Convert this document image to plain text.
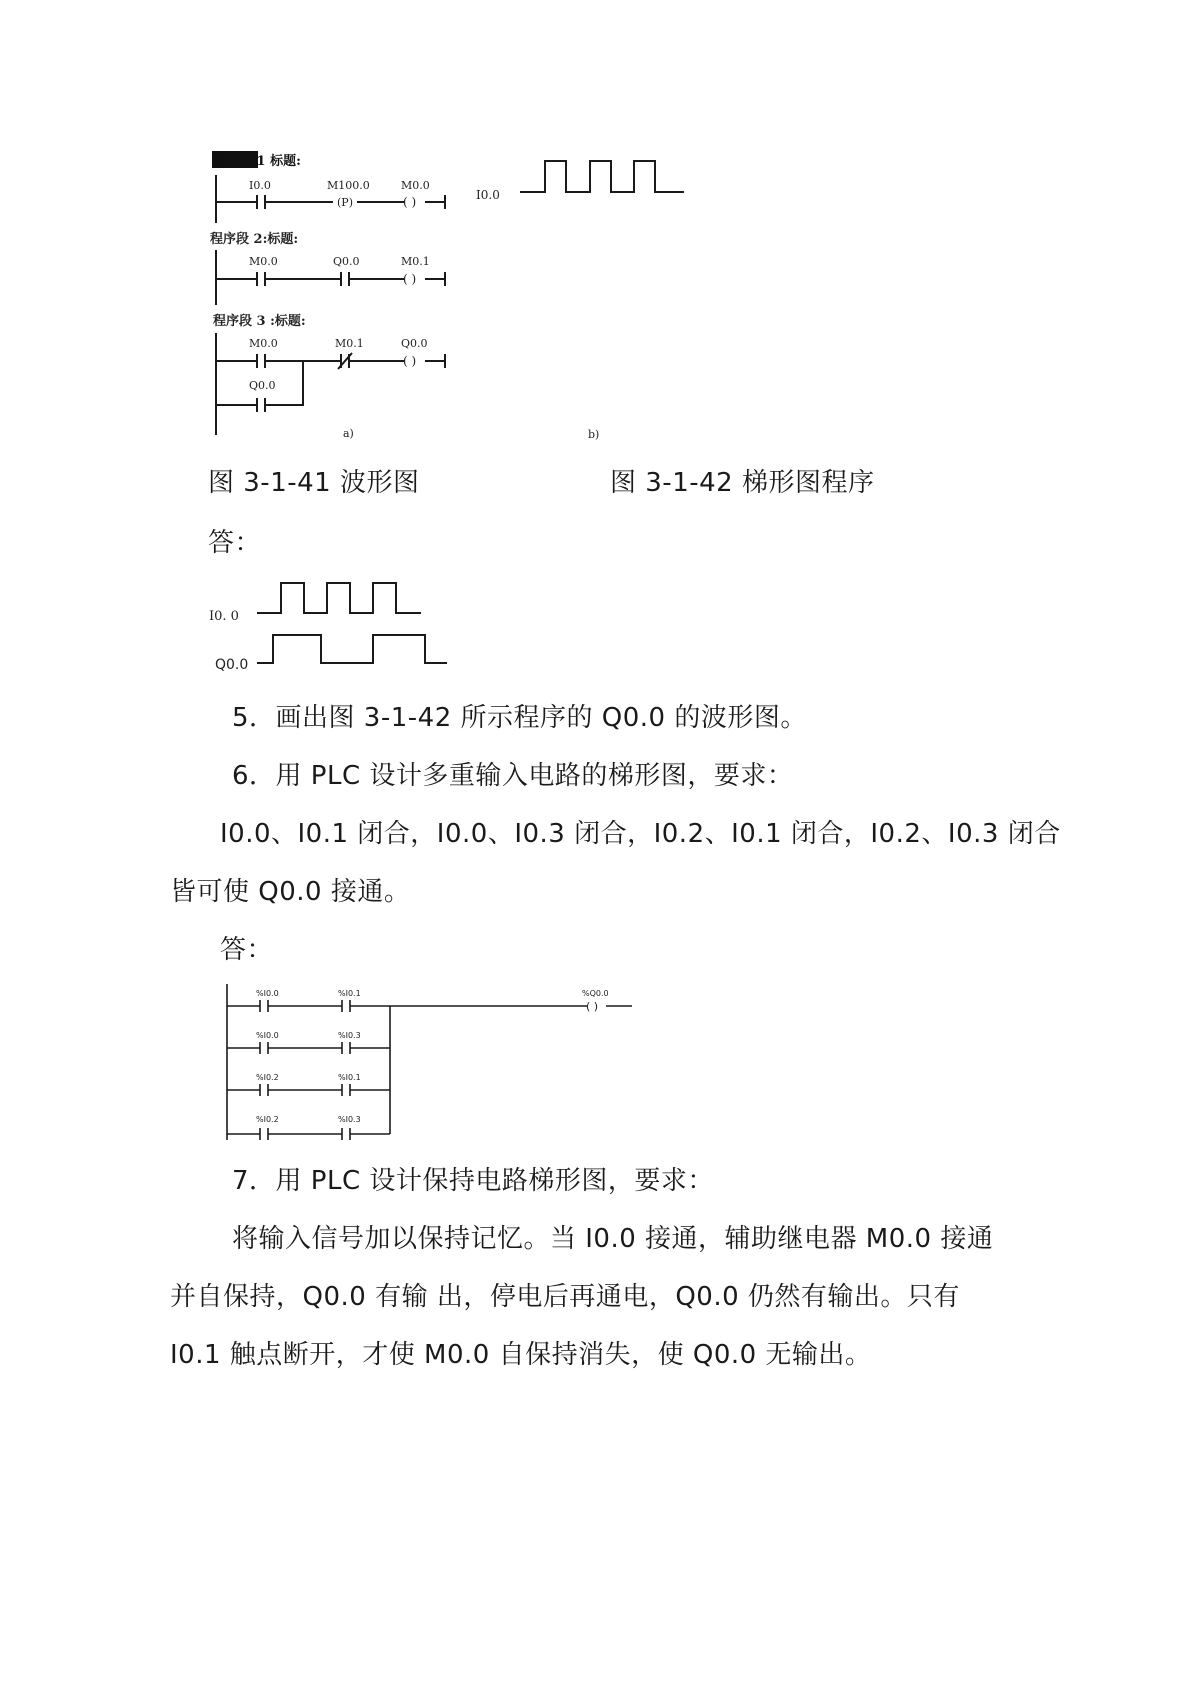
程序段 1 标题:
I0.0	M100.0	M0.0
(P)	( )
程序段 2:标题:
M0.0	Q0.0	M0.1
( )
程序段 3 :标题:
M0.0	M0.1	Q0.0
( )
Q0.0
a)
I0.0
b)
图 3-1-41 波形图	图 3-1-42 梯形图程序
答：
I0. 0
Q0.0
5．画出图 3-1-42 所示程序的 Q0.0 的波形图。
6．用 PLC 设计多重输入电路的梯形图，要求：
I0.0、I0.1 闭合，I0.0、I0.3 闭合，I0.2、I0.1 闭合，I0.2、I0.3 闭合
皆可使 Q0.0 接通。
答：
%I0.0	%I0.1	%Q0.0
( )
%I0.0	%I0.3
%I0.2	%I0.1
%I0.2	%I0.3
7．用 PLC 设计保持电路梯形图，要求：
将输入信号加以保持记忆。当 I0.0 接通，辅助继电器 M0.0 接通
并自保持，Q0.0 有输 出，停电后再通电，Q0.0 仍然有输出。只有
I0.1 触点断开，才使 M0.0 自保持消失，使 Q0.0 无输出。
